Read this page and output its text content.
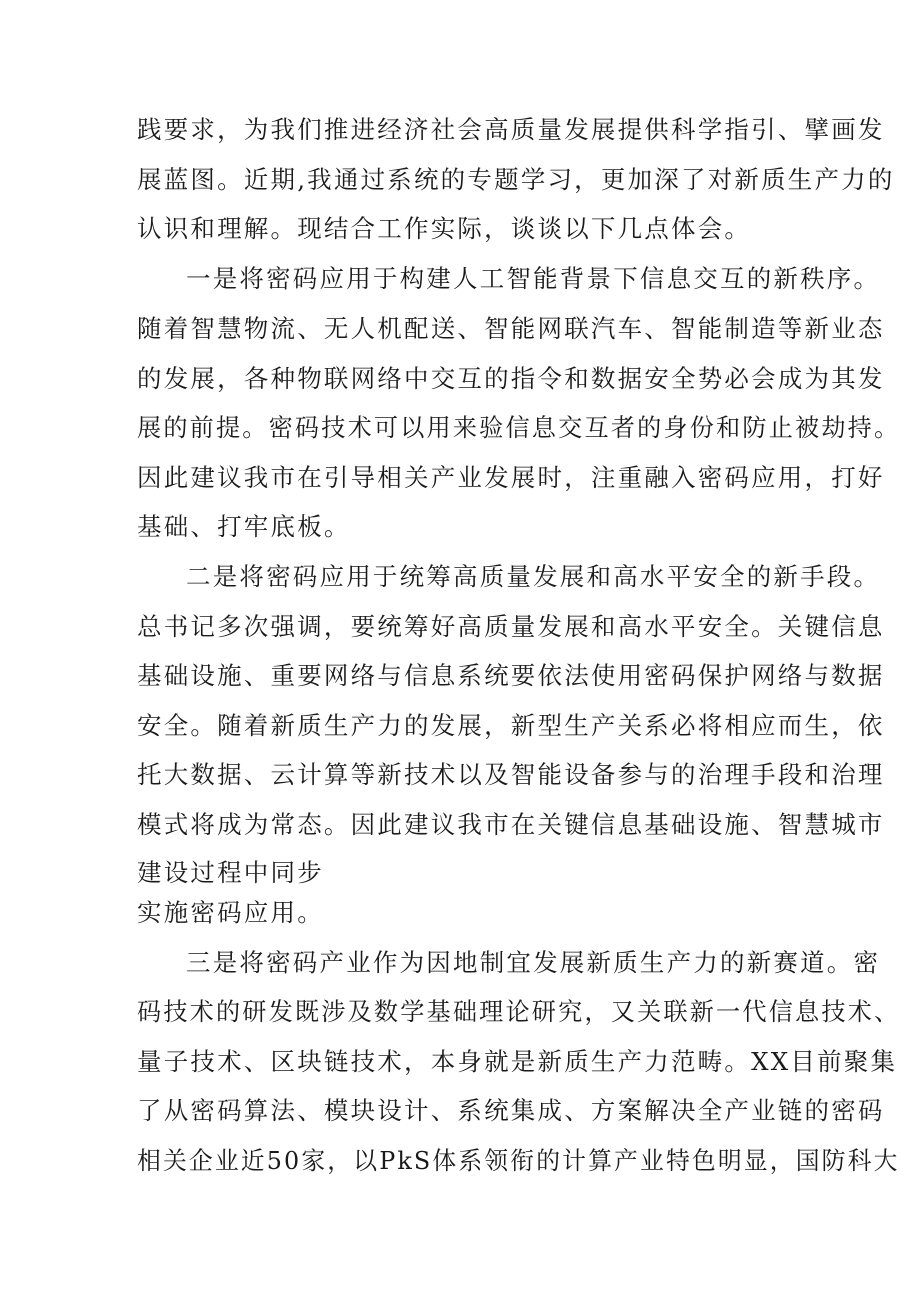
践要求，为我们推进经济社会高质量发展提供科学指引、擘画发
展蓝图。近期,我通过系统的专题学习，更加深了对新质生产力的
认识和理解。现结合工作实际，谈谈以下几点体会。
一是将密码应用于构建人工智能背景下信息交互的新秩序。
随着智慧物流、无人机配送、智能网联汽车、智能制造等新业态
的发展，各种物联网络中交互的指令和数据安全势必会成为其发
展的前提。密码技术可以用来验信息交互者的身份和防止被劫持。
因此建议我市在引导相关产业发展时，注重融入密码应用，打好
基础、打牢底板。
二是将密码应用于统筹高质量发展和高水平安全的新手段。
总书记多次强调，要统筹好高质量发展和高水平安全。关键信息
基础设施、重要网络与信息系统要依法使用密码保护网络与数据
安全。随着新质生产力的发展，新型生产关系必将相应而生，依
托大数据、云计算等新技术以及智能设备参与的治理手段和治理
模式将成为常态。因此建议我市在关键信息基础设施、智慧城市
建设过程中同步
实施密码应用。
三是将密码产业作为因地制宜发展新质生产力的新赛道。密
码技术的研发既涉及数学基础理论研究，又关联新一代信息技术、
量子技术、区块链技术，本身就是新质生产力范畴。XX目前聚集
了从密码算法、模块设计、系统集成、方案解决全产业链的密码
相关企业近50家，以PkS体系领衔的计算产业特色明显，国防科大
